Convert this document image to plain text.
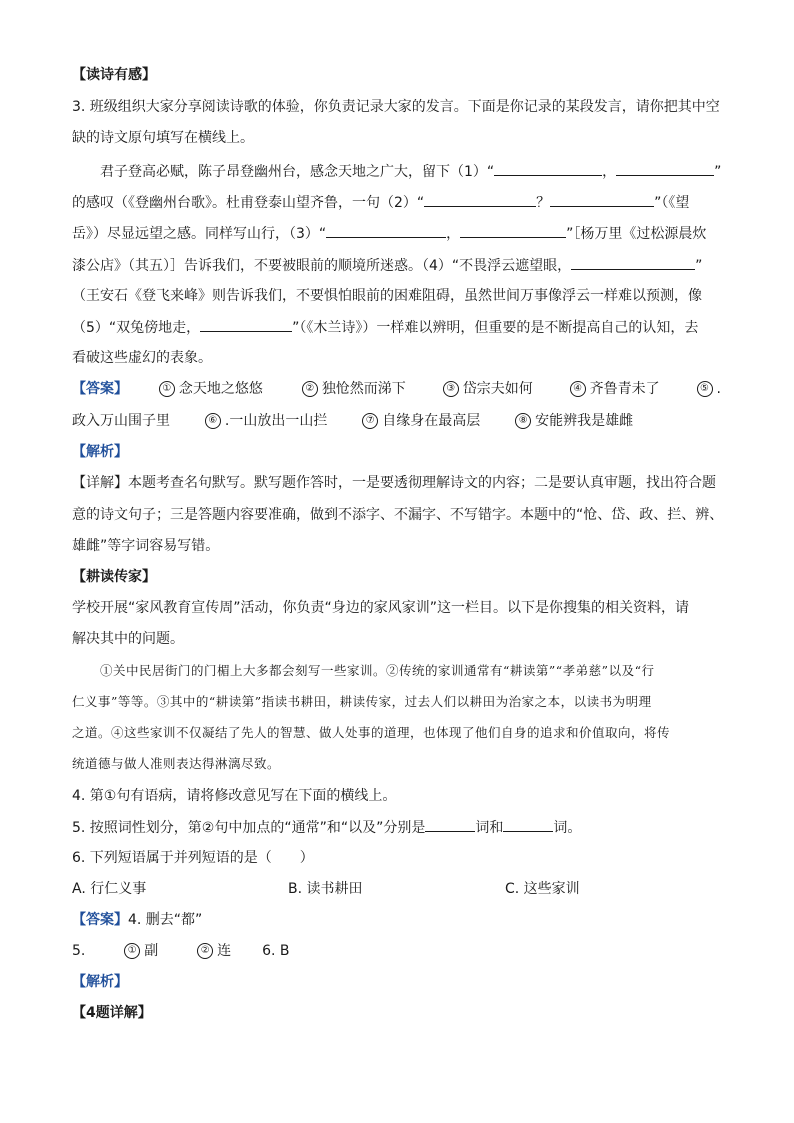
【读诗有感】
3. 班级组织大家分享阅读诗歌的体验，你负责记录大家的发言。下面是你记录的某段发言，请你把其中空
缺的诗文原句填写在横线上。
君子登高必赋，陈子昂登幽州台，感念天地之广大，留下（1）“	，	”
的感叹（《登幽州台歌》。杜甫登泰山望齐鲁，一句（2）“	？	”（《望
岳》）尽显远望之感。同样写山行，（3）“	，	”［杨万里《过松源晨炊
漆公店》（其五）］告诉我们，不要被眼前的顺境所迷惑。（4）“不畏浮云遮望眼，	”
（王安石《登飞来峰》则告诉我们，不要惧怕眼前的困难阻碍，虽然世间万事像浮云一样难以预测，像
（5）“双兔傍地走，	”（《木兰诗》）一样难以辨明，但重要的是不断提高自己的认知，去
看破这些虚幻的表象。
【答案】	① 念天地之悠悠	② 独怆然而涕下	③ 岱宗夫如何	④ 齐鲁青未了	⑤ .
政入万山围子里	⑥ .一山放出一山拦	⑦ 自缘身在最高层	⑧ 安能辨我是雄雌
【解析】
【详解】本题考查名句默写。默写题作答时，一是要透彻理解诗文的内容；二是要认真审题，找出符合题
意的诗文句子；三是答题内容要准确，做到不添字、不漏字、不写错字。本题中的“怆、岱、政、拦、辨、
雄雌”等字词容易写错。
【耕读传家】
学校开展“家风教育宣传周”活动，你负责“身边的家风家训”这一栏目。以下是你搜集的相关资料，请
解决其中的问题。
①关中民居街门的门楣上大多都会刻写一些家训。②传统的家训通常有“耕读第”“孝弟慈”以及“行
仁义事”等等。③其中的“耕读第”指读书耕田，耕读传家，过去人们以耕田为治家之本，以读书为明理
之道。④这些家训不仅凝结了先人的智慧、做人处事的道理，也体现了他们自身的追求和价值取向，将传
统道德与做人准则表达得淋漓尽致。
4. 第①句有语病，请将修改意见写在下面的横线上。
5. 按照词性划分，第②句中加点的“通常”和“以及”分别是	词和	词。
6. 下列短语属于并列短语的是（　　）
A. 行仁义事	B. 读书耕田	C. 这些家训
【答案】4. 删去“都”
5.	① 副	② 连 6. B
【解析】
【4题详解】
